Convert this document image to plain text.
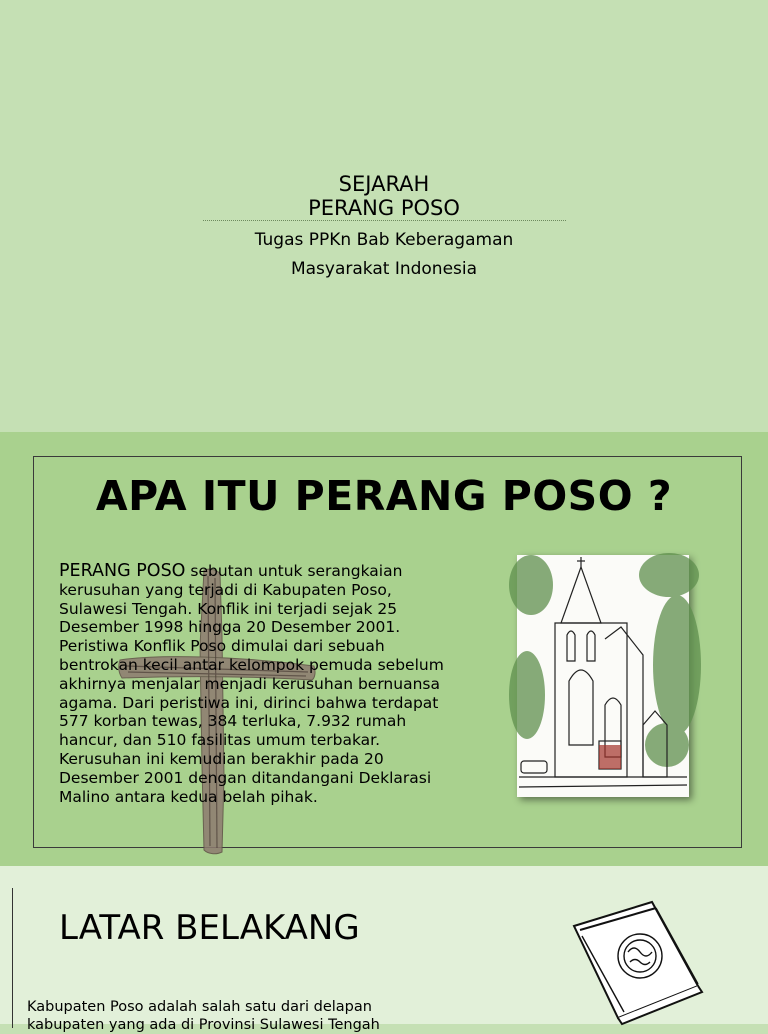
SEJARAH
PERANG POSO
Tugas PPKn Bab Keberagaman
Masyarakat Indonesia
APA ITU PERANG POSO ?

PERANG POSO sebutan untuk serangkaian kerusuhan yang terjadi di Kabupaten Poso, Sulawesi Tengah. Konflik ini terjadi sejak 25 Desember 1998 hingga 20 Desember 2001. Peristiwa Konflik Poso dimulai dari sebuah bentrokan kecil antar kelompok pemuda sebelum akhirnya menjalar menjadi kerusuhan bernuansa agama. Dari peristiwa ini, dirinci bahwa terdapat 577 korban tewas, 384 terluka, 7.932 rumah hancur, dan 510 fasilitas umum terbakar. Kerusuhan ini kemudian berakhir pada 20 Desember 2001 dengan ditandangani Deklarasi Malino antara kedua belah pihak.

LATAR BELAKANG

Kabupaten Poso adalah salah satu dari delapan kabupaten yang ada di Provinsi Sulawesi Tengah
